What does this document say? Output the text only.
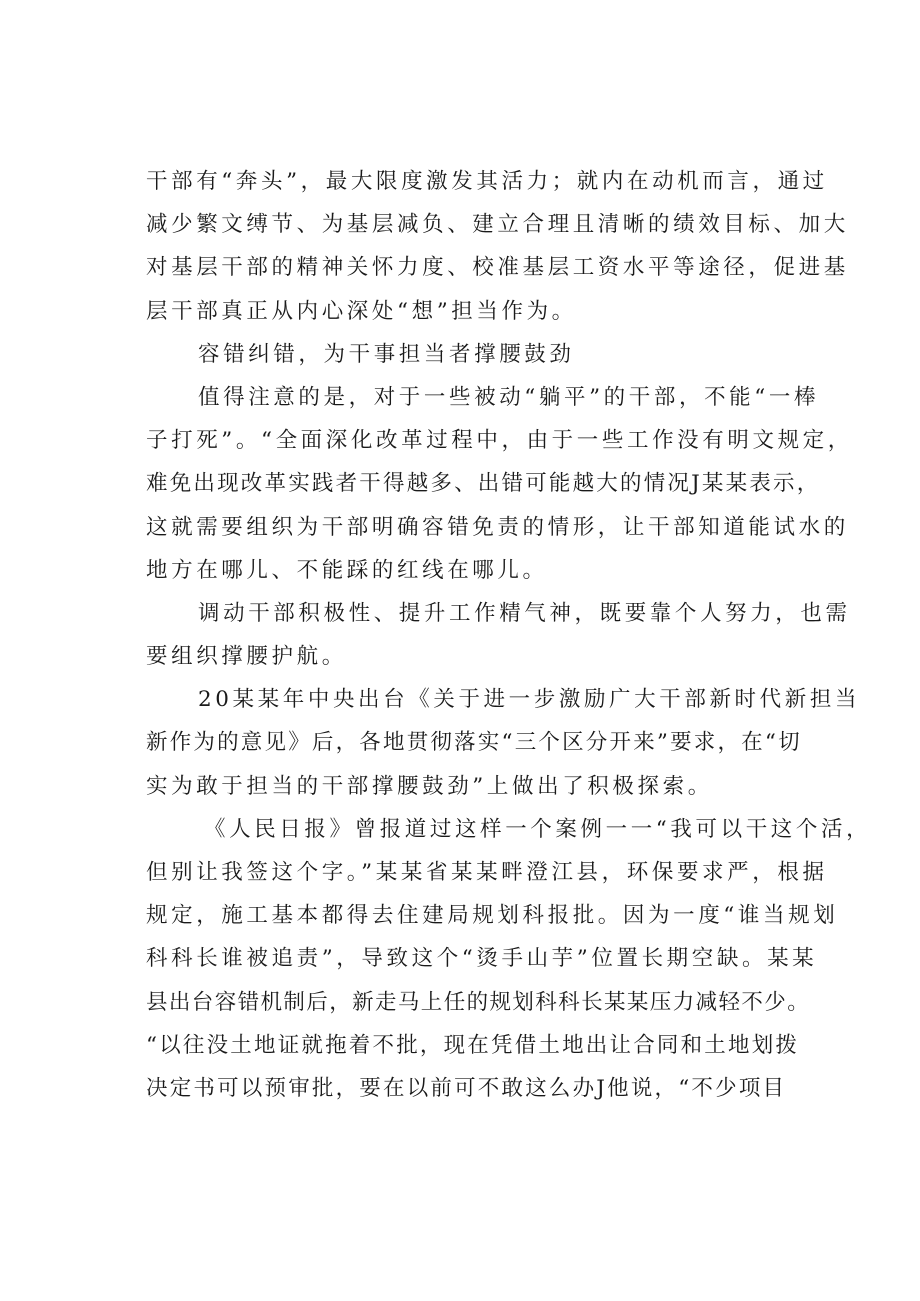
干部有“奔头”，最大限度激发其活力；就内在动机而言，通过
减少繁文缚节、为基层减负、建立合理且清晰的绩效目标、加大
对基层干部的精神关怀力度、校准基层工资水平等途径，促进基
层干部真正从内心深处“想”担当作为。
容错纠错，为干事担当者撑腰鼓劲
值得注意的是，对于一些被动“躺平”的干部，不能“一棒
子打死”。“全面深化改革过程中，由于一些工作没有明文规定，
难免出现改革实践者干得越多、出错可能越大的情况J某某表示，
这就需要组织为干部明确容错免责的情形，让干部知道能试水的
地方在哪儿、不能踩的红线在哪儿。
调动干部积极性、提升工作精气神，既要靠个人努力，也需
要组织撑腰护航。
20某某年中央出台《关于进一步激励广大干部新时代新担当
新作为的意见》后，各地贯彻落实“三个区分开来”要求，在“切
实为敢于担当的干部撑腰鼓劲”上做出了积极探索。
《人民日报》曾报道过这样一个案例一一“我可以干这个活，
但别让我签这个字。”某某省某某畔澄江县，环保要求严，根据
规定，施工基本都得去住建局规划科报批。因为一度“谁当规划
科科长谁被追责”，导致这个“烫手山芋”位置长期空缺。某某
县出台容错机制后，新走马上任的规划科科长某某压力减轻不少。
“以往没土地证就拖着不批，现在凭借土地出让合同和土地划拨
决定书可以预审批，要在以前可不敢这么办J他说，“不少项目
